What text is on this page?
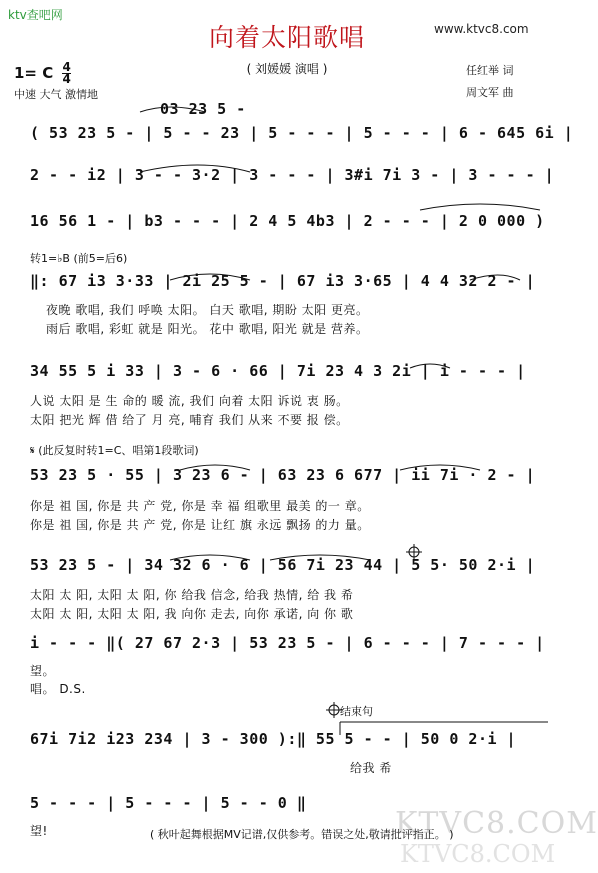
ktv查吧网
www.ktvc8.com
向着太阳歌唱
( 刘媛媛 演唱 )
1= C $\frac{4}{4}$
中速 大气 激情地
任红举 词
周文军 曲
03 23 5 -
( 53 23 5 - | 5 - - 23 | 5 - - - | 5 - - - | 6 - 645 6i |
2 - - i2 | 3 - - 3·2 | 3 - - - | 3#i 7i 3 - | 3 - - - |
16 56 1 - | b3 - - - | 2 4 5 4b3 | 2 - - - | 2 0 000 )
转1=♭B (前5=后6)
‖: 67 i3 3·33 | 2i 25 5 - | 67 i3 3·65 | 4 4 32 2 - |
夜晚 歌唱, 我们 呼唤 太阳。 白天 歌唱, 期盼 太阳 更亮。
雨后 歌唱, 彩虹 就是 阳光。 花中 歌唱, 阳光 就是 营养。
34 55 5 i 33 | 3 - 6 · 66 | 7i 23 4 3 2i | i - - - |
人说 太阳 是 生 命的 暖 流, 我们 向着 太阳 诉说 衷 肠。
太阳 把光 辉 借 给了 月 亮, 哺育 我们 从来 不要 报 偿。
𝄋 (此反复时转1=C、唱第1段歌词)
53 23 5 · 55 | 3 23 6 - | 63 23 6 677 | ii 7i · 2 - |
你是 祖 国, 你是 共 产 党, 你是 幸 福 组歌里 最美 的一 章。
你是 祖 国, 你是 共 产 党, 你是 让红 旗 永远 飘扬 的力 量。
53 23 5 - | 34 32 6 · 6 | 56 7i 23 44 | 5 5· 50 2·i |
太阳 太 阳, 太阳 太 阳, 你 给我 信念, 给我 热情, 给 我 希
太阳 太 阳, 太阳 太 阳, 我 向你 走去, 向你 承诺, 向 你 歌
i - - - ‖( 27 67 2·3 | 53 23 5 - | 6 - - - | 7 - - - |
望。
唱。 D.S.
结束句
67i 7i2 i23 234 | 3 - 300 ):‖ 55 5 - - | 50 0 2·i |
给我 希
5 - - - | 5 - - - | 5 - - 0 ‖
望!	KTVC8.COM
KTVC8.COM
( 秋叶起舞根据MV记谱,仅供参考。错误之处,敬请批评指正。 )
